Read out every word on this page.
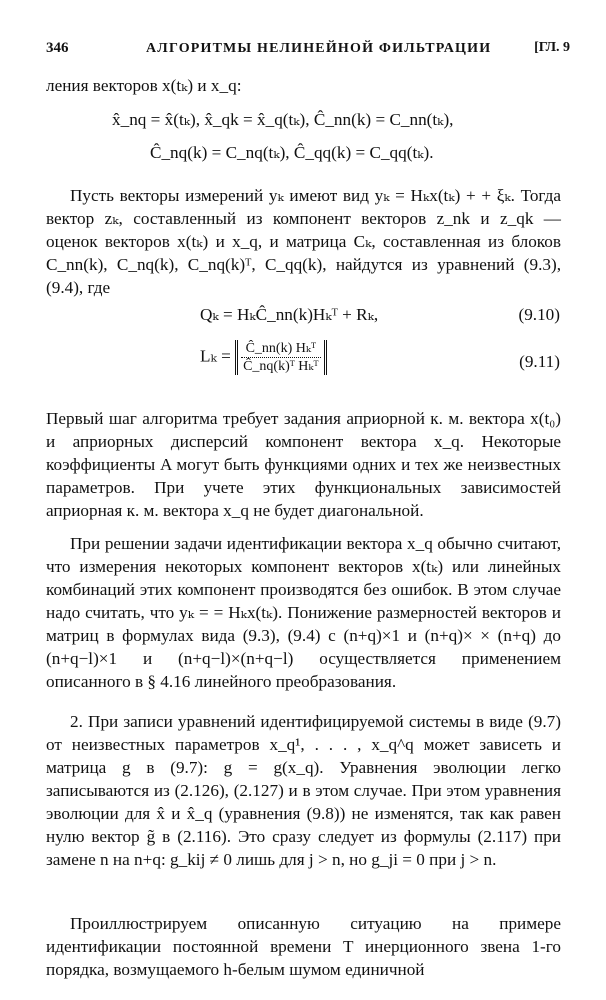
346	АЛГОРИТМЫ НЕЛИНЕЙНОЙ ФИЛЬТРАЦИИ	[ГЛ. 9
ления векторов x(tₖ) и x_q:
x̂_nq = x̂(tₖ), x̂_qk = x̂_q(tₖ), Ĉ_nn(k) = C_nn(tₖ),
Ĉ_nq(k) = C_nq(tₖ), Ĉ_qq(k) = C_qq(tₖ).

Пусть векторы измерений yₖ имеют вид yₖ = Hₖx(tₖ) + + ξₖ. Тогда вектор zₖ, составленный из компонент векторов z_nk и z_qk — оценок векторов x(tₖ) и x_q, и матрица Cₖ, составленная из блоков C_nn(k), C_nq(k), C_nq(k)ᵀ, C_qq(k), найдутся из уравнений (9.3), (9.4), где

Qₖ = HₖĈ_nn(k)Hₖᵀ + Rₖ,	(9.10)
$L_k = \frac{\text{Ĉ\_nn(k) Hₖᵀ}}{\text{Ĉ\_nq(k)ᵀ Hₖᵀ}}$	(9.11)

Первый шаг алгоритма требует задания априорной к. м. вектора x(t₀) и априорных дисперсий компонент вектора x_q. Некоторые коэффициенты A могут быть функциями одних и тех же неизвестных параметров. При учете этих функциональных зависимостей априорная к. м. вектора x_q не будет диагональной.

При решении задачи идентификации вектора x_q обычно считают, что измерения некоторых компонент векторов x(tₖ) или линейных комбинаций этих компонент производятся без ошибок. В этом случае надо считать, что yₖ = = Hₖx(tₖ). Понижение размерностей векторов и матриц в формулах вида (9.3), (9.4) с (n+q)×1 и (n+q)× × (n+q) до (n+q−l)×1 и (n+q−l)×(n+q−l) осуществляется применением описанного в § 4.16 линейного преобразования.

2. При записи уравнений идентифицируемой системы в виде (9.7) от неизвестных параметров x_q¹, . . . , x_q^q может зависеть и матрица g в (9.7): g = g(x_q). Уравнения эволюции легко записываются из (2.126), (2.127) и в этом случае. При этом уравнения эволюции для x̂ и x̂_q (уравнения (9.8)) не изменятся, так как равен нулю вектор g̃ в (2.116). Это сразу следует из формулы (2.117) при замене n на n+q: g_kij ≠ 0 лишь для j > n, но g_ji = 0 при j > n.

Проиллюстрируем описанную ситуацию на примере идентификации постоянной времени T инерционного звена 1-го порядка, возмущаемого h-белым шумом единичной
